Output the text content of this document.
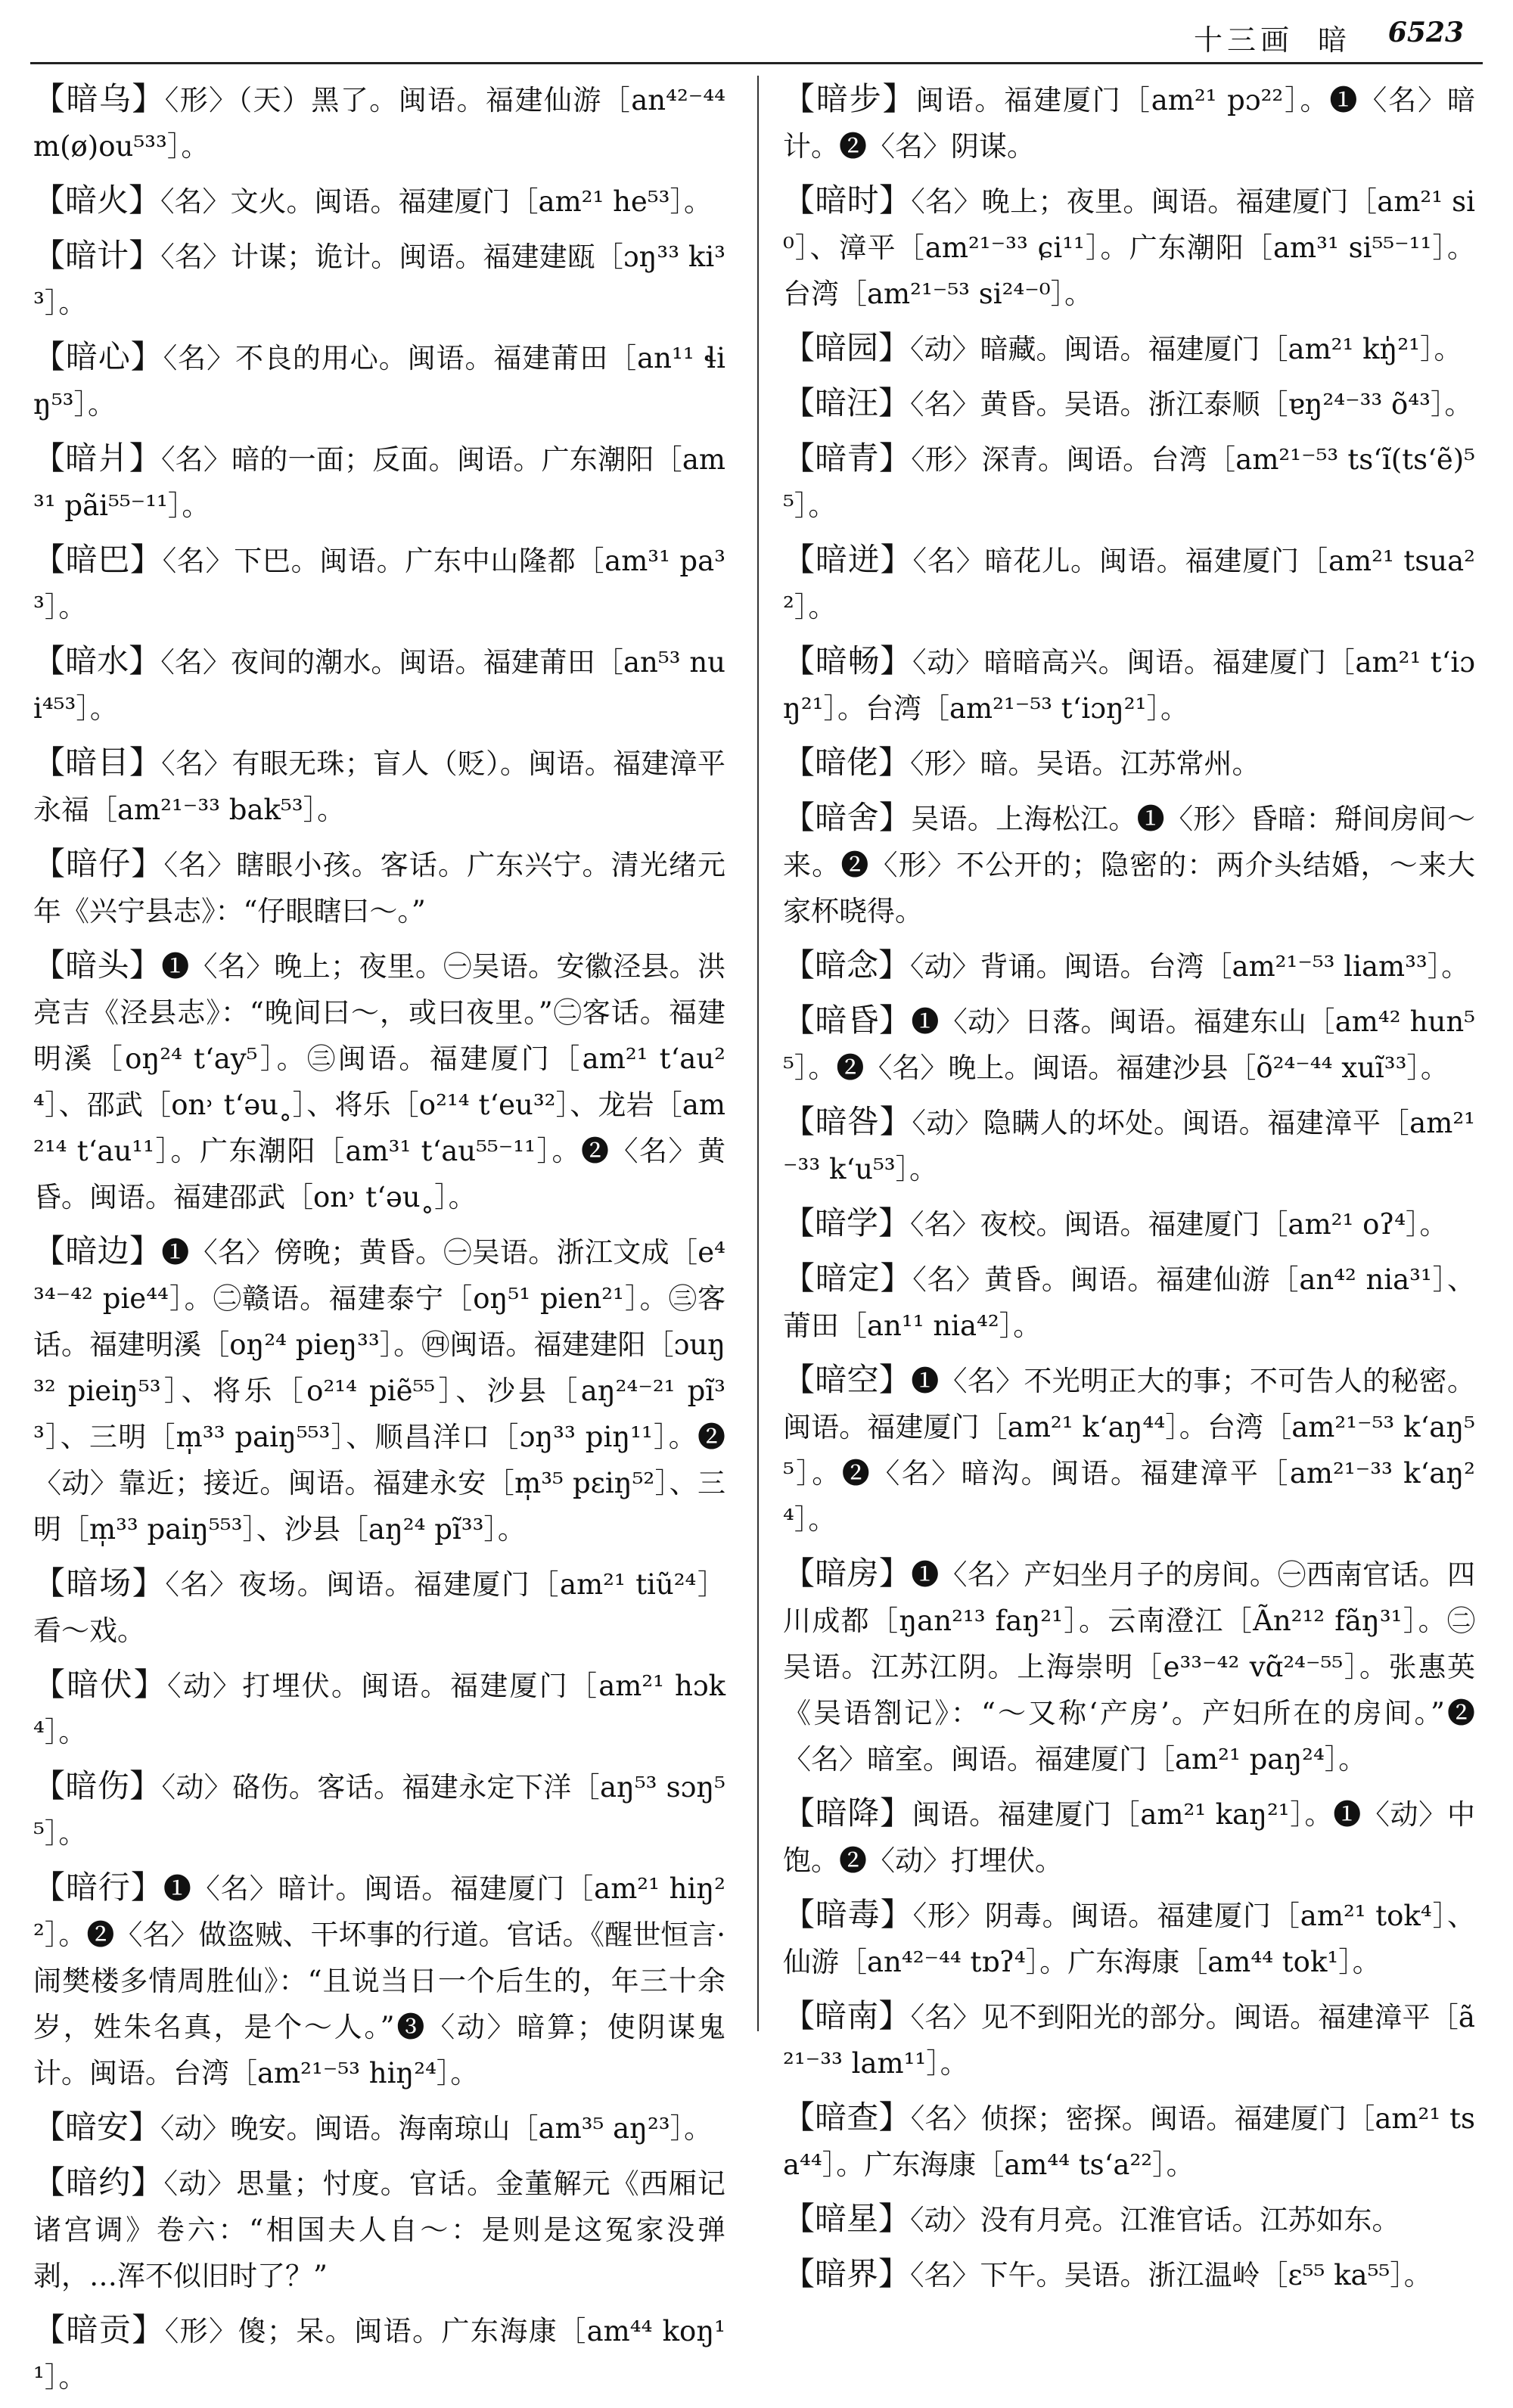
十三画 暗 6523
【暗乌】〈形〉（天）黑了。闽语。福建仙游［an⁴²⁻⁴⁴ m(ø)ou⁵³³］。
【暗火】〈名〉文火。闽语。福建厦门［am²¹ he⁵³］。
【暗计】〈名〉计谋；诡计。闽语。福建建瓯［ɔŋ³³ ki³³］。
【暗心】〈名〉不良的用心。闽语。福建莆田［an¹¹ ɬiŋ⁵³］。
【暗爿】〈名〉暗的一面；反面。闽语。广东潮阳［am³¹ pãi⁵⁵⁻¹¹］。
【暗巴】〈名〉下巴。闽语。广东中山隆都［am³¹ pa³³］。
【暗水】〈名〉夜间的潮水。闽语。福建莆田［an⁵³ nui⁴⁵³］。
【暗目】〈名〉有眼无珠；盲人（贬）。闽语。福建漳平永福［am²¹⁻³³ bak⁵³］。
【暗仔】〈名〉瞎眼小孩。客话。广东兴宁。清光绪元年《兴宁县志》：“仔眼瞎曰～。”
【暗头】❶〈名〉晚上；夜里。㊀吴语。安徽泾县。洪亮吉《泾县志》：“晚间曰～，或曰夜里。”㊁客话。福建明溪［oŋ²⁴ t‘ay⁵］。㊂闽语。福建厦门［am²¹ t‘au²⁴］、邵武［on˒ t‘əu˳］、将乐［o²¹⁴ t‘eu³²］、龙岩［am²¹⁴ t‘au¹¹］。广东潮阳［am³¹ t‘au⁵⁵⁻¹¹］。❷〈名〉黄昏。闽语。福建邵武［on˒ t‘əu˳］。
【暗边】❶〈名〉傍晚；黄昏。㊀吴语。浙江文成［e⁴³⁴⁻⁴² pie⁴⁴］。㊁赣语。福建泰宁［oŋ⁵¹ pien²¹］。㊂客话。福建明溪［oŋ²⁴ pieŋ³³］。㊃闽语。福建建阳［ɔuŋ³² pieiŋ⁵³］、将乐［o²¹⁴ piẽ⁵⁵］、沙县［aŋ²⁴⁻²¹ pĩ³³］、三明［m̩³³ paiŋ⁵⁵³］、顺昌洋口［ɔŋ³³ piŋ¹¹］。❷〈动〉靠近；接近。闽语。福建永安［m̩³⁵ pɛiŋ⁵²］、三明［m̩³³ paiŋ⁵⁵³］、沙县［aŋ²⁴ pĩ³³］。
【暗场】〈名〉夜场。闽语。福建厦门［am²¹ tiũ²⁴］看～戏。
【暗伏】〈动〉打埋伏。闽语。福建厦门［am²¹ hɔk⁴］。
【暗伤】〈动〉硌伤。客话。福建永定下洋［aŋ⁵³ sɔŋ⁵⁵］。
【暗行】❶〈名〉暗计。闽语。福建厦门［am²¹ hiŋ²²］。❷〈名〉做盗贼、干坏事的行道。官话。《醒世恒言·闹樊楼多情周胜仙》：“且说当日一个后生的，年三十余岁，姓朱名真，是个～人。”❸〈动〉暗算；使阴谋鬼计。闽语。台湾［am²¹⁻⁵³ hiŋ²⁴］。
【暗安】〈动〉晚安。闽语。海南琼山［am³⁵ aŋ²³］。
【暗约】〈动〉思量；忖度。官话。金董解元《西厢记诸宫调》卷六：“相国夫人自～：是则是这冤家没弹剥，…浑不似旧时了？”
【暗贡】〈形〉傻；呆。闽语。广东海康［am⁴⁴ koŋ¹¹］。
【暗步】闽语。福建厦门［am²¹ pɔ²²］。❶〈名〉暗计。❷〈名〉阴谋。
【暗时】〈名〉晚上；夜里。闽语。福建厦门［am²¹ si⁰］、漳平［am²¹⁻³³ ɕi¹¹］。广东潮阳［am³¹ si⁵⁵⁻¹¹］。台湾［am²¹⁻⁵³ si²⁴⁻⁰］。
【暗园】〈动〉暗藏。闽语。福建厦门［am²¹ kŋ̍²¹］。
【暗汪】〈名〉黄昏。吴语。浙江泰顺［ɐŋ²⁴⁻³³ õ⁴³］。
【暗青】〈形〉深青。闽语。台湾［am²¹⁻⁵³ ts‘ĩ(ts‘ẽ)⁵⁵］。
【暗迸】〈名〉暗花儿。闽语。福建厦门［am²¹ tsua²²］。
【暗畅】〈动〉暗暗高兴。闽语。福建厦门［am²¹ t‘iɔŋ²¹］。台湾［am²¹⁻⁵³ t‘iɔŋ²¹］。
【暗佬】〈形〉暗。吴语。江苏常州。
【暗舍】吴语。上海松江。❶〈形〉昏暗：搿间房间～来。❷〈形〉不公开的；隐密的：两介头结婚，～来大家杯晓得。
【暗念】〈动〉背诵。闽语。台湾［am²¹⁻⁵³ liam³³］。
【暗昏】❶〈动〉日落。闽语。福建东山［am⁴² hun⁵⁵］。❷〈名〉晚上。闽语。福建沙县［õ²⁴⁻⁴⁴ xuĩ³³］。
【暗咎】〈动〉隐瞒人的坏处。闽语。福建漳平［am²¹⁻³³ k‘u⁵³］。
【暗学】〈名〉夜校。闽语。福建厦门［am²¹ oʔ⁴］。
【暗定】〈名〉黄昏。闽语。福建仙游［an⁴² nia³¹］、莆田［an¹¹ nia⁴²］。
【暗空】❶〈名〉不光明正大的事；不可告人的秘密。闽语。福建厦门［am²¹ k‘aŋ⁴⁴］。台湾［am²¹⁻⁵³ k‘aŋ⁵⁵］。❷〈名〉暗沟。闽语。福建漳平［am²¹⁻³³ k‘aŋ²⁴］。
【暗房】❶〈名〉产妇坐月子的房间。㊀西南官话。四川成都［ŋan²¹³ faŋ²¹］。云南澄江［Ãn²¹² fãŋ³¹］。㊁吴语。江苏江阴。上海崇明［e³³⁻⁴² vɑ̃²⁴⁻⁵⁵］。张惠英《吴语劄记》：“～又称‘产房’。产妇所在的房间。”❷〈名〉暗室。闽语。福建厦门［am²¹ paŋ²⁴］。
【暗降】闽语。福建厦门［am²¹ kaŋ²¹］。❶〈动〉中饱。❷〈动〉打埋伏。
【暗毒】〈形〉阴毒。闽语。福建厦门［am²¹ tok⁴］、仙游［an⁴²⁻⁴⁴ tɒʔ⁴］。广东海康［am⁴⁴ tok¹］。
【暗南】〈名〉见不到阳光的部分。闽语。福建漳平［ã²¹⁻³³ lam¹¹］。
【暗查】〈名〉侦探；密探。闽语。福建厦门［am²¹ tsa⁴⁴］。广东海康［am⁴⁴ ts‘a²²］。
【暗星】〈动〉没有月亮。江淮官话。江苏如东。
【暗界】〈名〉下午。吴语。浙江温岭［ɛ⁵⁵ ka⁵⁵］。
